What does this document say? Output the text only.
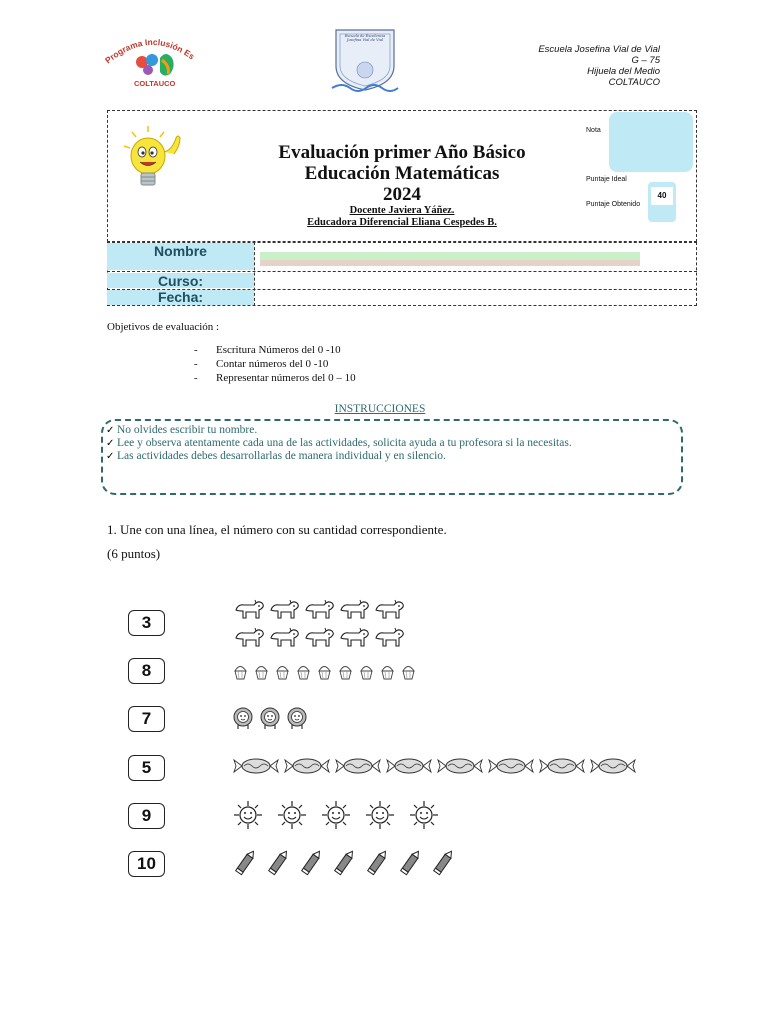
Programa Inclusión Es
COLTAUCO
Escuela de Excelencia Josefina Vial de Vial
Escuela Josefina Vial de Vial
G – 75
Hijuela del Medio
COLTAUCO
Evaluación primer Año Básico
Educación Matemáticas
2024
Docente Javiera Yáñez.
Educadora Diferencial Eliana Cespedes B.
Nota
Puntaje Ideal
Puntaje Obtenido
40
Nombre
Curso:
Fecha:
Objetivos de evaluación :
- Escritura Números del 0 -10
- Contar números del 0 -10
- Representar números del 0 – 10
INSTRUCCIONES
✓ No olvides escribir tu nombre.
✓ Lee y observa atentamente cada una de las actividades, solicita ayuda a tu profesora si la necesitas.
✓ Las actividades debes desarrollarlas de manera individual y en silencio.
1. Une con una línea, el número con su cantidad correspondiente.
(6 puntos)
3
8
7
5
9
10
